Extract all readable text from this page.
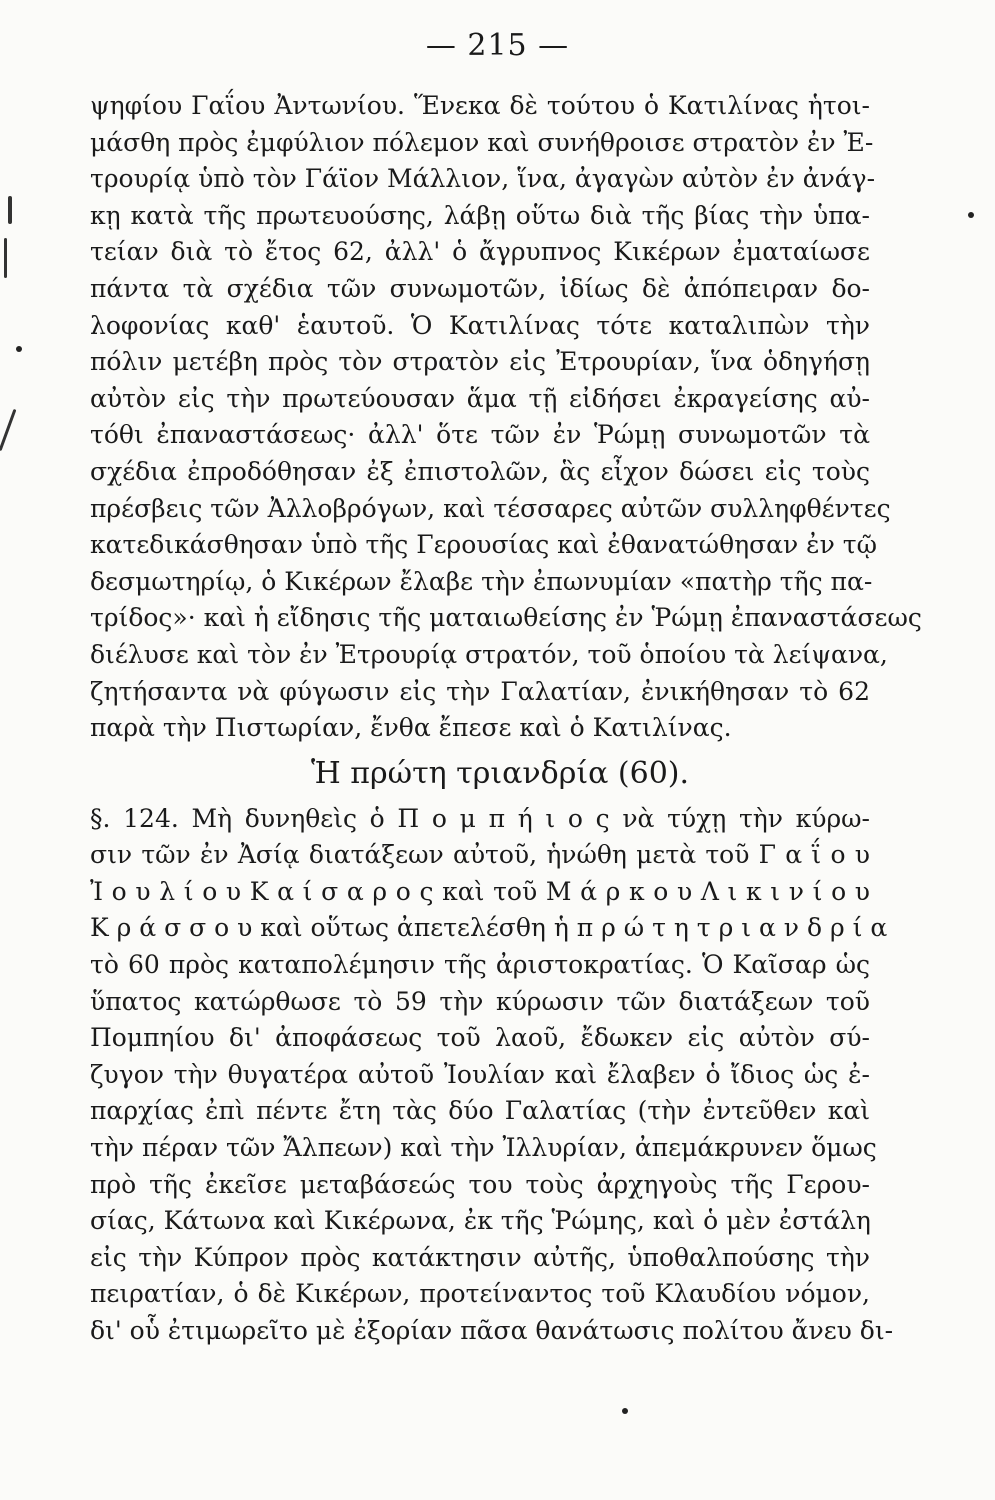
— 215 —
ψηφίου Γαΐου Ἀντωνίου. Ἕνεκα δὲ τούτου ὁ Κατιλίνας ἡτοι-
μάσθη πρὸς ἐμφύλιον πόλεμον καὶ συνήθροισε στρατὸν ἐν Ἐ-
τρουρίᾳ ὑπὸ τὸν Γάϊον Μάλλιον, ἵνα, ἀγαγὼν αὐτὸν ἐν ἀνάγ-
κῃ κατὰ τῆς πρωτευούσης, λάβῃ οὕτω διὰ τῆς βίας τὴν ὑπα-
τείαν διὰ τὸ ἔτος 62, ἀλλ' ὁ ἄγρυπνος Κικέρων ἐματαίωσε
πάντα τὰ σχέδια τῶν συνωμοτῶν, ἰδίως δὲ ἀπόπειραν δο-
λοφονίας καθ' ἑαυτοῦ. Ὁ Κατιλίνας τότε καταλιπὼν τὴν
πόλιν μετέβη πρὸς τὸν στρατὸν εἰς Ἐτρουρίαν, ἵνα ὁδηγήσῃ
αὐτὸν εἰς τὴν πρωτεύουσαν ἅμα τῇ εἰδήσει ἐκραγείσης αὐ-
τόθι ἐπαναστάσεως· ἀλλ' ὅτε τῶν ἐν Ῥώμῃ συνωμοτῶν τὰ
σχέδια ἐπροδόθησαν ἐξ ἐπιστολῶν, ἃς εἶχον δώσει εἰς τοὺς
πρέσβεις τῶν Ἀλλοβρόγων, καὶ τέσσαρες αὐτῶν συλληφθέντες
κατεδικάσθησαν ὑπὸ τῆς Γερουσίας καὶ ἐθανατώθησαν ἐν τῷ
δεσμωτηρίῳ, ὁ Κικέρων ἔλαβε τὴν ἐπωνυμίαν «πατὴρ τῆς πα-
τρίδος»· καὶ ἡ εἴδησις τῆς ματαιωθείσης ἐν Ῥώμῃ ἐπαναστάσεως
διέλυσε καὶ τὸν ἐν Ἐτρουρίᾳ στρατόν, τοῦ ὁποίου τὰ λείψανα,
ζητήσαντα νὰ φύγωσιν εἰς τὴν Γαλατίαν, ἐνικήθησαν τὸ 62
παρὰ τὴν Πιστωρίαν, ἔνθα ἔπεσε καὶ ὁ Κατιλίνας.
Ἡ πρώτη τριανδρία (60).
§. 124. Μὴ δυνηθεὶς ὁ Π ο μ π ή ι ο ς νὰ τύχῃ τὴν κύρω-
σιν τῶν ἐν Ἀσίᾳ διατάξεων αὐτοῦ, ἡνώθη μετὰ τοῦ Γ α ΐ ο υ
Ἰ ο υ λ ί ο υ Κ α ί σ α ρ ο ς καὶ τοῦ Μ ά ρ κ ο υ Λ ι κ ι ν ί ο υ
Κ ρ ά σ σ ο υ καὶ οὕτως ἀπετελέσθη ἡ π ρ ώ τ η τ ρ ι α ν δ ρ ί α
τὸ 60 πρὸς καταπολέμησιν τῆς ἀριστοκρατίας. Ὁ Καῖσαρ ὡς
ὕπατος κατώρθωσε τὸ 59 τὴν κύρωσιν τῶν διατάξεων τοῦ
Πομπηίου δι' ἀποφάσεως τοῦ λαοῦ, ἔδωκεν εἰς αὐτὸν σύ-
ζυγον τὴν θυγατέρα αὐτοῦ Ἰουλίαν καὶ ἔλαβεν ὁ ἴδιος ὡς ἐ-
παρχίας ἐπὶ πέντε ἔτη τὰς δύο Γαλατίας (τὴν ἐντεῦθεν καὶ
τὴν πέραν τῶν Ἄλπεων) καὶ τὴν Ἰλλυρίαν, ἀπεμάκρυνεν ὅμως
πρὸ τῆς ἐκεῖσε μεταβάσεώς του τοὺς ἀρχηγοὺς τῆς Γερου-
σίας, Κάτωνα καὶ Κικέρωνα, ἐκ τῆς Ῥώμης, καὶ ὁ μὲν ἐστάλη
εἰς τὴν Κύπρον πρὸς κατάκτησιν αὐτῆς, ὑποθαλπούσης τὴν
πειρατίαν, ὁ δὲ Κικέρων, προτείναντος τοῦ Κλαυδίου νόμον,
δι' οὗ ἐτιμωρεῖτο μὲ ἐξορίαν πᾶσα θανάτωσις πολίτου ἄνευ δι-
